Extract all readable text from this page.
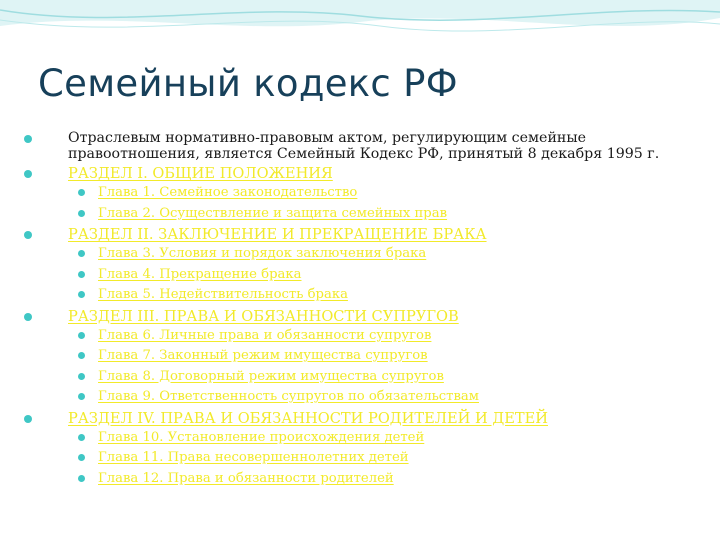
Семейный кодекс РФ
Отраслевым нормативно-правовым актом, регулирующим семейные правоотношения, является Семейный Кодекс РФ, принятый 8 декабря 1995 г.
РАЗДЕЛ I. ОБЩИЕ ПОЛОЖЕНИЯ
Глава 1. Семейное законодательство
Глава 2. Осуществление и защита семейных прав
РАЗДЕЛ II. ЗАКЛЮЧЕНИЕ И ПРЕКРАЩЕНИЕ БРАКА
Глава 3. Условия и порядок заключения брака
Глава 4. Прекращение брака
Глава 5. Недействительность брака
РАЗДЕЛ III. ПРАВА И ОБЯЗАННОСТИ СУПРУГОВ
Глава 6. Личные права и обязанности супругов
Глава 7. Законный режим имущества супругов
Глава 8. Договорный режим имущества супругов
Глава 9. Ответственность супругов по обязательствам
РАЗДЕЛ IV. ПРАВА И ОБЯЗАННОСТИ РОДИТЕЛЕЙ И ДЕТЕЙ
Глава 10. Установление происхождения детей
Глава 11. Права несовершеннолетних детей
Глава 12. Права и обязанности родителей
